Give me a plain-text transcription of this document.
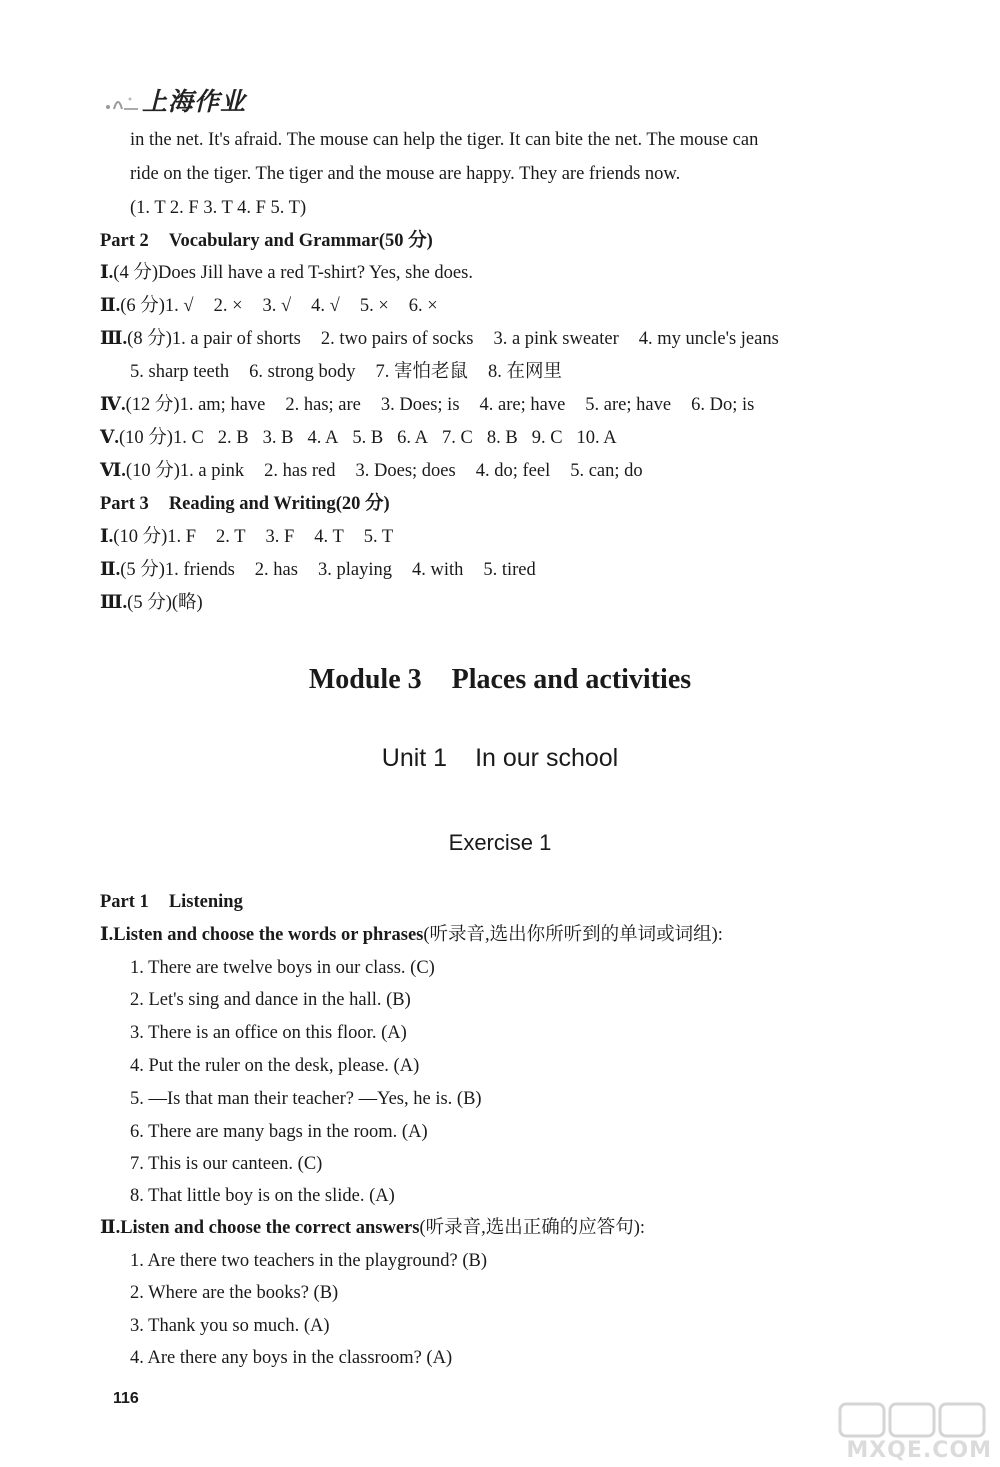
上海作业
in the net. It's afraid. The mouse can help the tiger. It can bite the net. The mouse can
ride on the tiger. The tiger and the mouse are happy. They are friends now.
(1. T 2. F 3. T 4. F 5. T)
Part 2 Vocabulary and Grammar(50 分)
Ⅰ.(4 分)Does Jill have a red T-shirt? Yes, she does.
Ⅱ.(6 分)1. √ 2. × 3. √ 4. √ 5. × 6. ×
Ⅲ.(8 分)1. a pair of shorts 2. two pairs of socks 3. a pink sweater 4. my uncle's jeans
5. sharp teeth 6. strong body 7. 害怕老鼠 8. 在网里
Ⅳ.(12 分)1. am; have 2. has; are 3. Does; is 4. are; have 5. are; have 6. Do; is
Ⅴ.(10 分)1. C 2. B 3. B 4. A 5. B 6. A 7. C 8. B 9. C 10. A
Ⅵ.(10 分)1. a pink 2. has red 3. Does; does 4. do; feel 5. can; do
Part 3 Reading and Writing(20 分)
Ⅰ.(10 分)1. F 2. T 3. F 4. T 5. T
Ⅱ.(5 分)1. friends 2. has 3. playing 4. with 5. tired
Ⅲ.(5 分)(略)
Module 3 Places and activities
Unit 1 In our school
Exercise 1
Part 1 Listening
Ⅰ.Listen and choose the words or phrases(听录音,选出你所听到的单词或词组):
1. There are twelve boys in our class. (C)
2. Let's sing and dance in the hall. (B)
3. There is an office on this floor. (A)
4. Put the ruler on the desk, please. (A)
5. —Is that man their teacher? —Yes, he is. (B)
6. There are many bags in the room. (A)
7. This is our canteen. (C)
8. That little boy is on the slide. (A)
Ⅱ.Listen and choose the correct answers(听录音,选出正确的应答句):
1. Are there two teachers in the playground? (B)
2. Where are the books? (B)
3. Thank you so much. (A)
4. Are there any boys in the classroom? (A)
116
MXQE.COM
